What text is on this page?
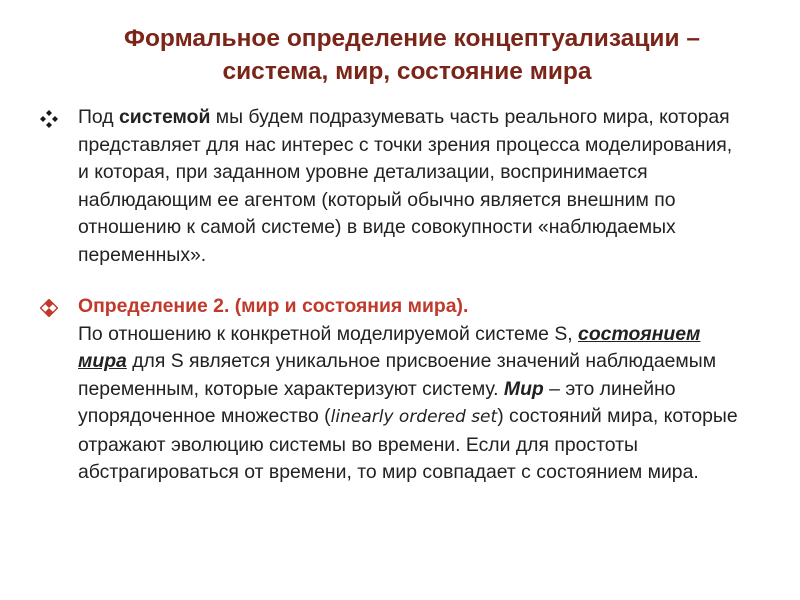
Формальное определение концептуализации –
система, мир, состояние мира
Под системой мы будем подразумевать часть реального мира, которая представляет для нас интерес с точки зрения процесса моделирования, и которая, при заданном уровне детализации, воспринимается наблюдающим ее агентом (который обычно является внешним по отношению к самой системе) в виде совокупности «наблюдаемых переменных».
Определение 2. (мир и состояния мира).
По отношению к конкретной моделируемой системе S, состоянием мира для S является уникальное присвоение значений наблюдаемым переменным, которые характеризуют систему. Мир – это линейно упорядоченное множество (linearly ordered set) состояний мира, которые отражают эволюцию системы во времени. Если для простоты абстрагироваться от времени, то мир совпадает с состоянием мира.
